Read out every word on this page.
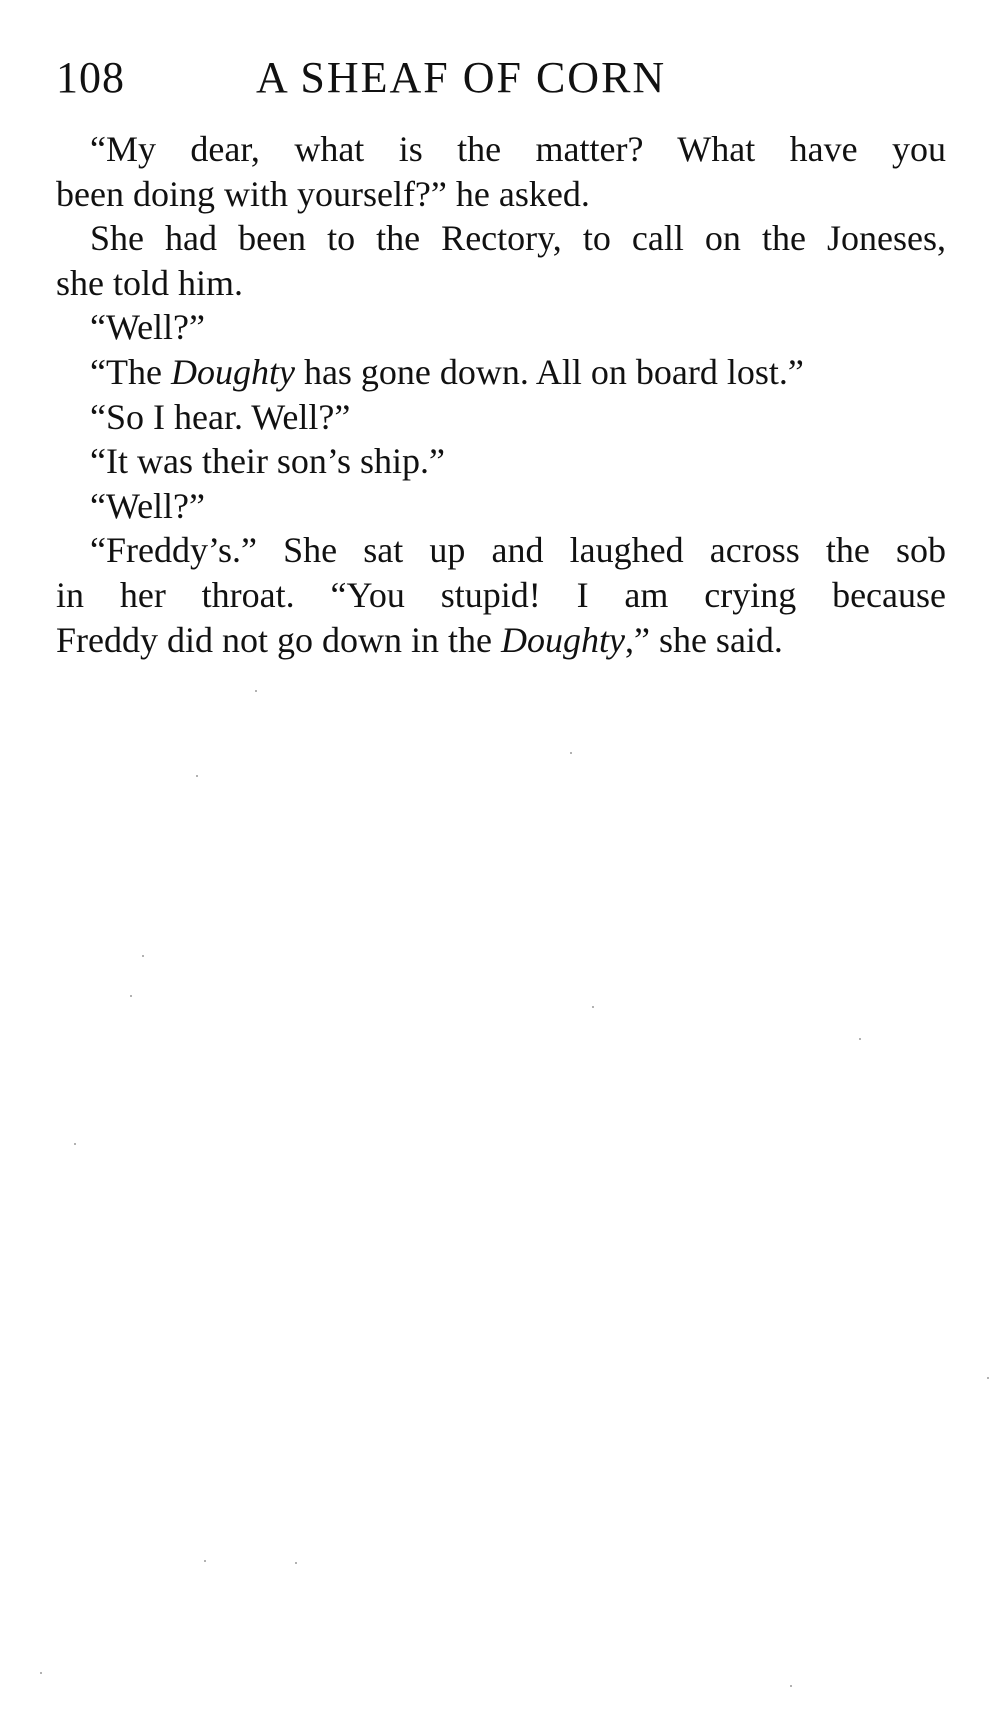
108	A SHEAF OF CORN

“My dear, what is the matter? What have you
been doing with yourself?” he asked.

She had been to the Rectory, to call on the Joneses,
she told him.

“Well?”

“The Doughty has gone down. All on board lost.”

“So I hear. Well?”

“It was their son’s ship.”

“Well?”

“Freddy’s.” She sat up and laughed across the sob
in her throat. “You stupid! I am crying because
Freddy did not go down in the Doughty,” she said.
